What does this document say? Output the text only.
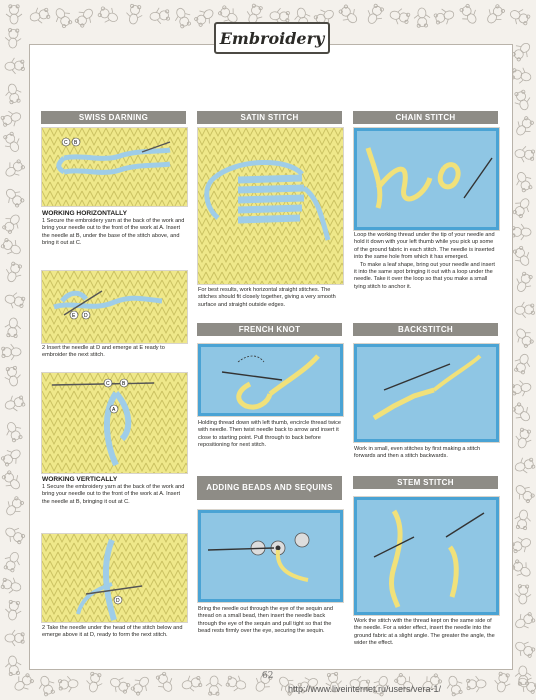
Embroidery
SWISS DARNING
C B
WORKING HORIZONTALLY
1 Secure the embroidery yarn at the back of the work and bring your needle out to the front of the work at A. Insert the needle at B, under the base of the stitch above, and bring it out at C.
E D
2 Insert the needle at D and emerge at E ready to embroider the next stitch.
A
C B
WORKING VERTICALLY
1 Secure the embroidery yarn at the back of the work and bring your needle out to the front of the work at A. Insert the needle at B, bringing it out at C.
D
2 Take the needle under the head of the stitch below and emerge above it at D, ready to form the next stitch.
SATIN STITCH
For best results, work horizontal straight stitches. The stitches should fit closely together, giving a very smooth surface and straight outside edges.
FRENCH KNOT
Holding thread down with left thumb, encircle thread twice with needle. Then twist needle back to arrow and insert it close to starting point. Pull through to back before repositioning for next stitch.
ADDING BEADS AND SEQUINS
Bring the needle out through the eye of the sequin and thread on a small bead, then insert the needle back through the eye of the sequin and pull tight so that the bead rests firmly over the eye, securing the sequin.
CHAIN STITCH

Loop the working thread under the tip of your needle and hold it down with your left thumb while you pick up some of the ground fabric in each stitch. The needle is inserted into the same hole from which it has emerged.

To make a leaf shape, bring out your needle and insert it into the same spot bringing it out with a loop under the needle. Take it over the loop so that you make a small tying stitch to anchor it.

BACKSTITCH
Work in small, even stitches by first making a stitch forwards and then a stitch backwards.
STEM STITCH
Work the stitch with the thread kept on the same side of the needle. For a wider effect, insert the needle into the ground fabric at a slight angle. The greater the angle, the wider the effect.
62
http://www.liveinternet.ru/users/vera-1/
